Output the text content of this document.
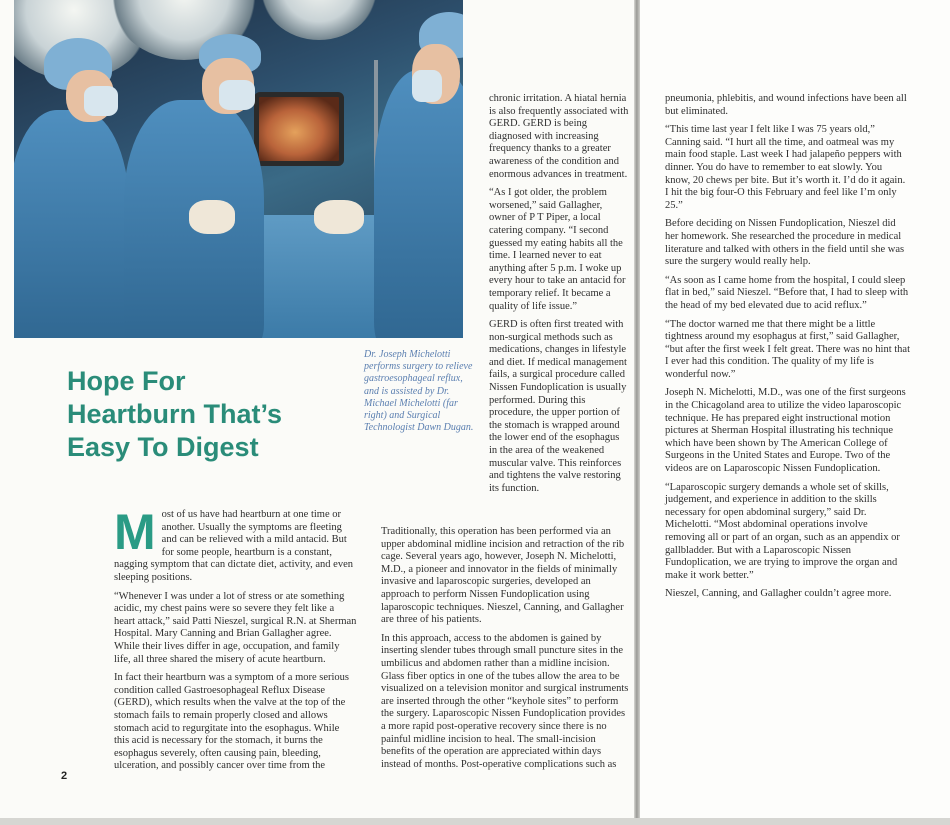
Hope For
Heartburn That’s
Easy To Digest
Dr. Joseph Michelotti performs surgery to relieve gastroesophageal reflux, and is assisted by Dr. Michael Michelotti (far right) and Surgical Technologist Dawn Dugan.

Most of us have had heartburn at one time or another. Usually the symptoms are fleeting and can be relieved with a mild antacid. But for some people, heartburn is a constant, nagging symptom that can dictate diet, activity, and even sleeping positions.

“Whenever I was under a lot of stress or ate something acidic, my chest pains were so severe they felt like a heart attack,” said Patti Nieszel, surgical R.N. at Sherman Hospital. Mary Canning and Brian Gallagher agree. While their lives differ in age, occupation, and family life, all three shared the misery of acute heartburn.

In fact their heartburn was a symptom of a more serious condition called Gastroesophageal Reflux Disease (GERD), which results when the valve at the top of the stomach fails to remain properly closed and allows stomach acid to regurgitate into the esophagus. While this acid is necessary for the stomach, it burns the esophagus severely, often causing pain, bleeding, ulceration, and possibly cancer over time from the

chronic irritation. A hiatal hernia is also frequently associated with GERD. GERD is being diagnosed with increasing frequency thanks to a greater awareness of the condition and enormous advances in treatment.

“As I got older, the problem worsened,” said Gallagher, owner of P T Piper, a local catering company. “I second guessed my eating habits all the time. I learned never to eat anything after 5 p.m. I woke up every hour to take an antacid for temporary relief. It became a quality of life issue.”

GERD is often first treated with non-surgical methods such as medications, changes in lifestyle and diet. If medical management fails, a surgical procedure called Nissen Fundoplication is usually performed. During this procedure, the upper portion of the stomach is wrapped around the lower end of the esophagus in the area of the weakened muscular valve. This reinforces and tightens the valve restoring its function.

Traditionally, this operation has been performed via an upper abdominal midline incision and retraction of the rib cage. Several years ago, however, Joseph N. Michelotti, M.D., a pioneer and innovator in the fields of minimally invasive and laparoscopic surgeries, developed an approach to perform Nissen Fundoplication using laparoscopic techniques. Nieszel, Canning, and Gallagher are three of his patients.

In this approach, access to the abdomen is gained by inserting slender tubes through small puncture sites in the umbilicus and abdomen rather than a midline incision. Glass fiber optics in one of the tubes allow the area to be visualized on a television monitor and surgical instruments are inserted through the other “keyhole sites” to perform the surgery. Laparoscopic Nissen Fundoplication provides a more rapid post-operative recovery since there is no painful midline incision to heal. The small-incision benefits of the operation are appreciated within days instead of months. Post-operative complications such as

pneumonia, phlebitis, and wound infections have been all but eliminated.

“This time last year I felt like I was 75 years old,” Canning said. “I hurt all the time, and oatmeal was my main food staple. Last week I had jalapeño peppers with dinner. You do have to remember to eat slowly. You know, 20 chews per bite. But it’s worth it. I’d do it again. I hit the big four-O this February and feel like I’m only 25.”

Before deciding on Nissen Fundoplication, Nieszel did her homework. She researched the procedure in medical literature and talked with others in the field until she was sure the surgery would really help.

“As soon as I came home from the hospital, I could sleep flat in bed,” said Nieszel. “Before that, I had to sleep with the head of my bed elevated due to acid reflux.”

“The doctor warned me that there might be a little tightness around my esophagus at first,” said Gallagher, “but after the first week I felt great. There was no hint that I ever had this condition. The quality of my life is wonderful now.”

Joseph N. Michelotti, M.D., was one of the first surgeons in the Chicagoland area to utilize the video laparoscopic technique. He has prepared eight instructional motion pictures at Sherman Hospital illustrating his technique which have been shown by The American College of Surgeons in the United States and Europe. Two of the videos are on Laparoscopic Nissen Fundoplication.

“Laparoscopic surgery demands a whole set of skills, judgement, and experience in addition to the skills necessary for open abdominal surgery,” said Dr. Michelotti. “Most abdominal operations involve removing all or part of an organ, such as an appendix or gallbladder. But with a Laparoscopic Nissen Fundoplication, we are trying to improve the organ and make it work better.”

Nieszel, Canning, and Gallagher couldn’t agree more.

2
